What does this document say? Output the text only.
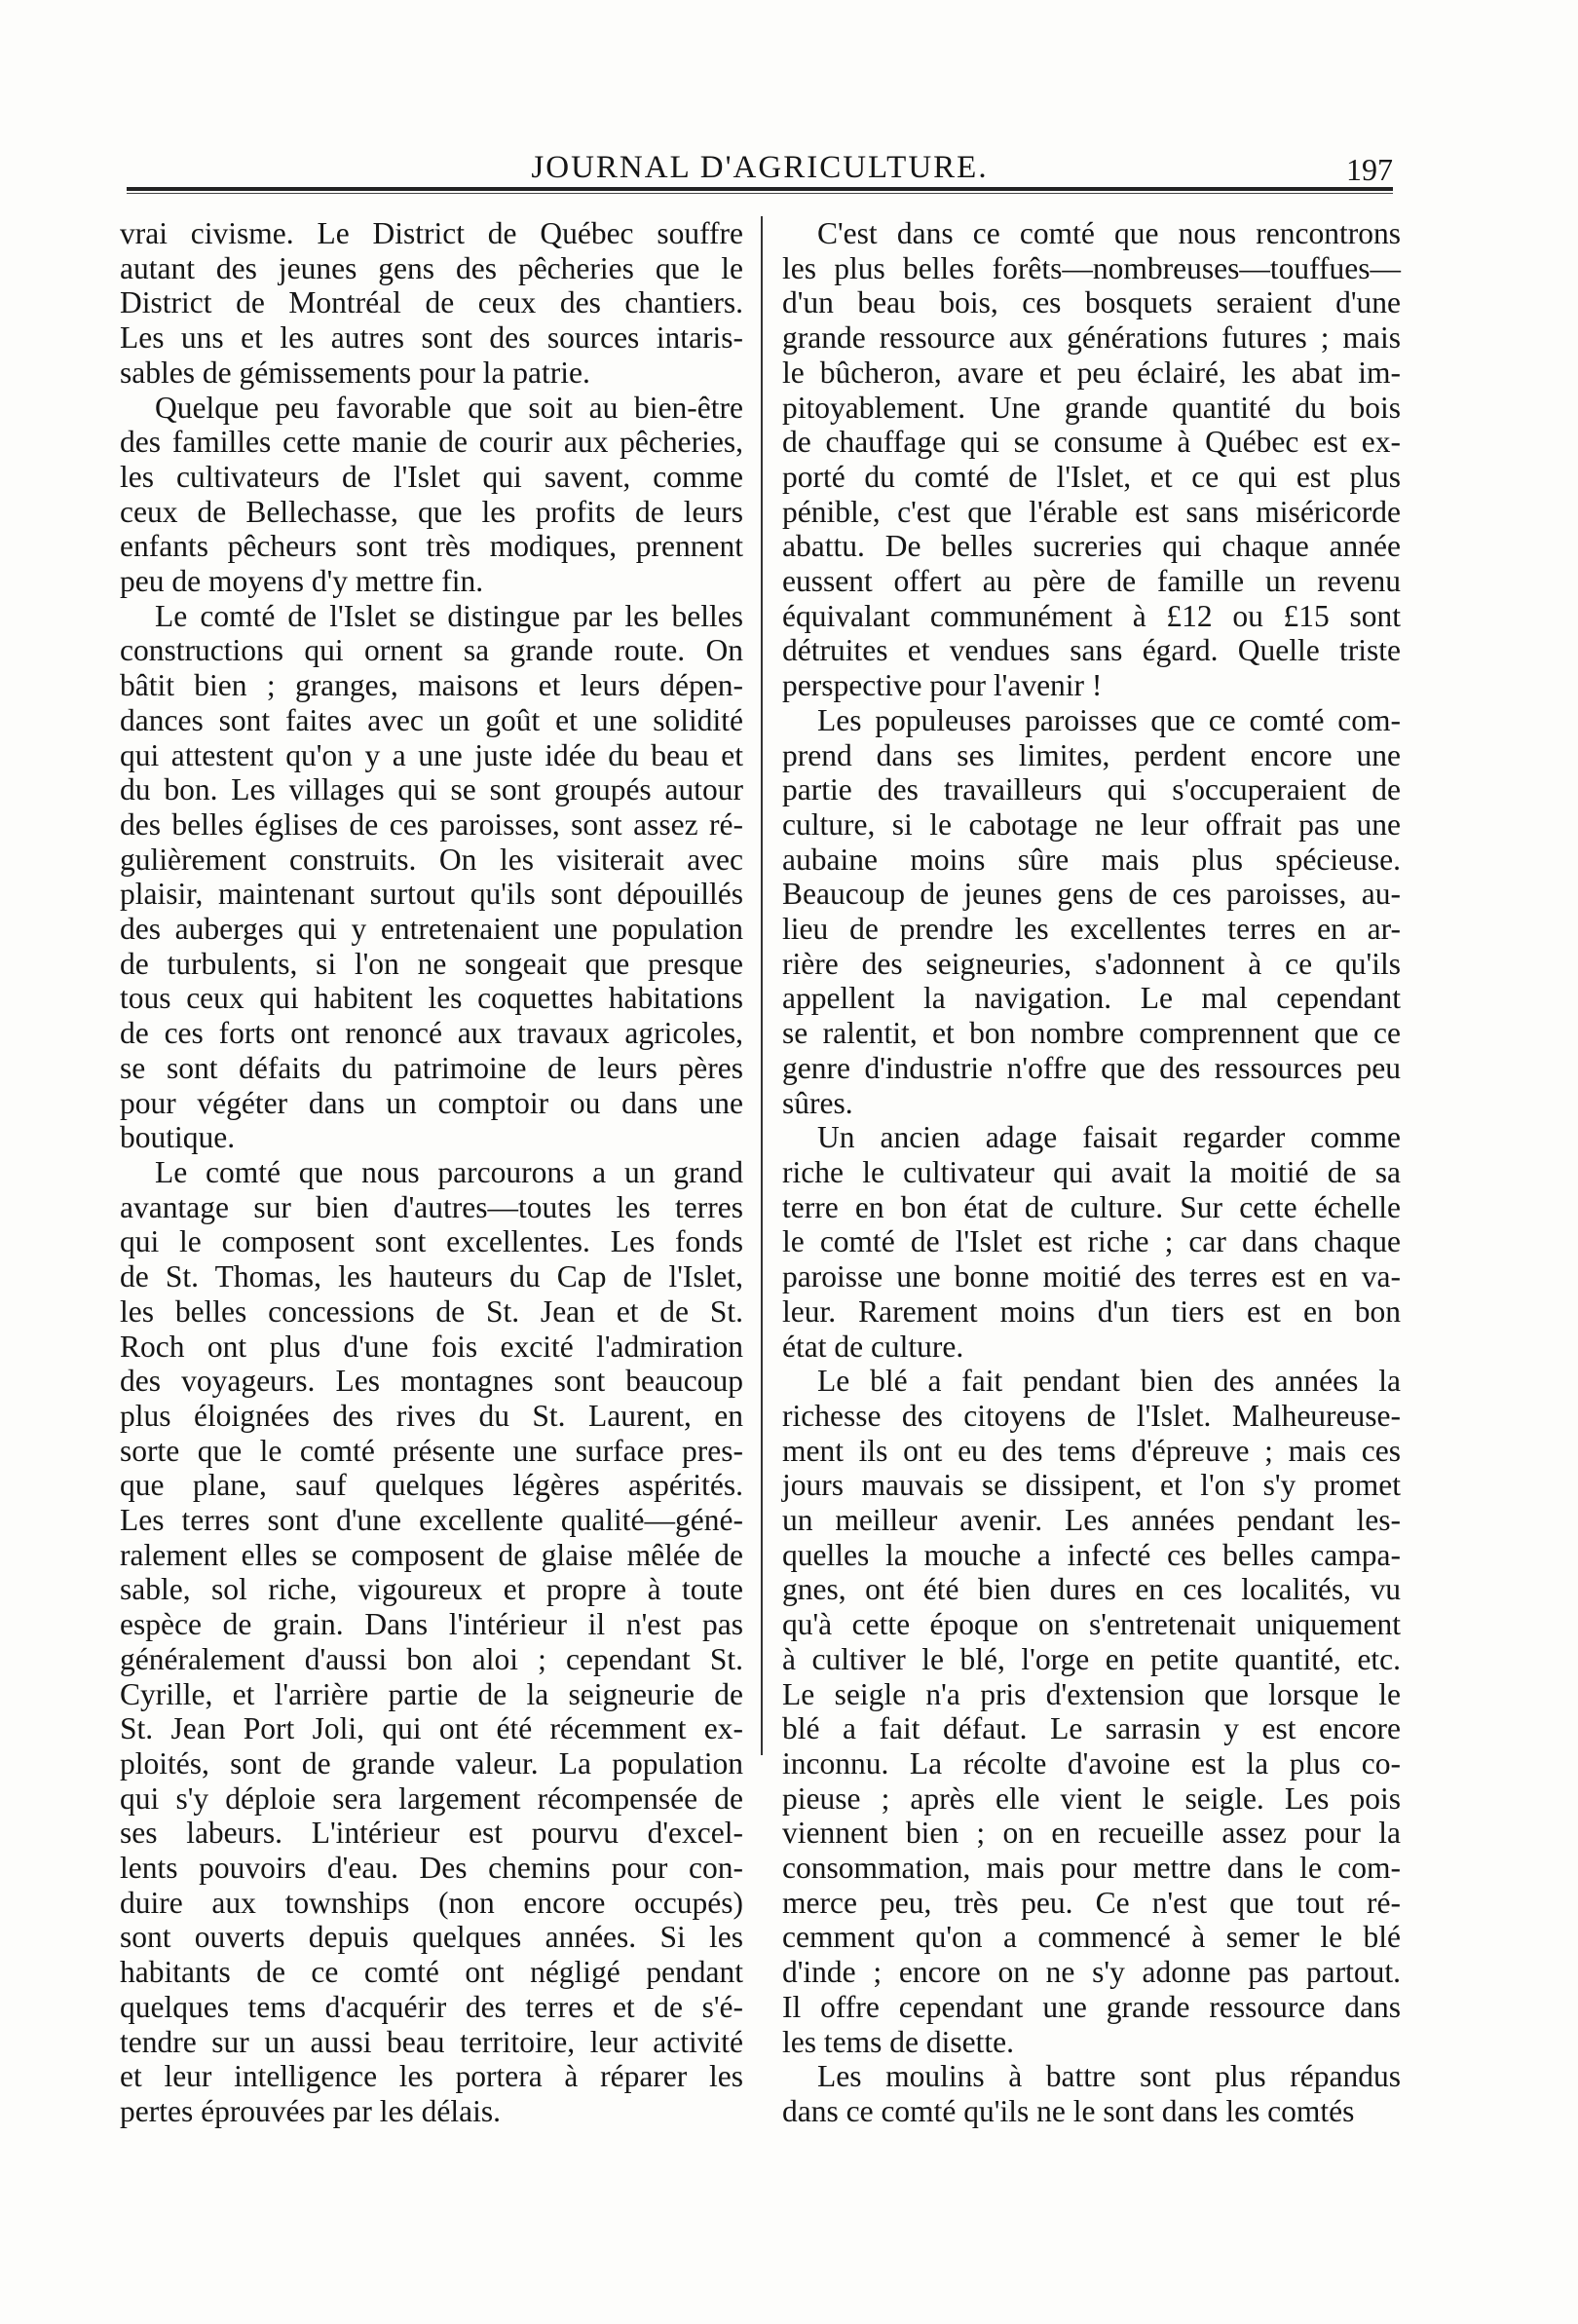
JOURNAL D'AGRICULTURE.	197

vrai civisme. Le District de Québec souffre
autant des jeunes gens des pêcheries que le
District de Montréal de ceux des chantiers.
Les uns et les autres sont des sources intaris-
sables de gémissements pour la patrie.

Quelque peu favorable que soit au bien-être
des familles cette manie de courir aux pêcheries,
les cultivateurs de l'Islet qui savent, comme
ceux de Bellechasse, que les profits de leurs
enfants pêcheurs sont très modiques, prennent
peu de moyens d'y mettre fin.

Le comté de l'Islet se distingue par les belles
constructions qui ornent sa grande route. On
bâtit bien ; granges, maisons et leurs dépen-
dances sont faites avec un goût et une solidité
qui attestent qu'on y a une juste idée du beau et
du bon. Les villages qui se sont groupés autour
des belles églises de ces paroisses, sont assez ré-
gulièrement construits. On les visiterait avec
plaisir, maintenant surtout qu'ils sont dépouillés
des auberges qui y entretenaient une population
de turbulents, si l'on ne songeait que presque
tous ceux qui habitent les coquettes habitations
de ces forts ont renoncé aux travaux agricoles,
se sont défaits du patrimoine de leurs pères
pour végéter dans un comptoir ou dans une
boutique.

Le comté que nous parcourons a un grand
avantage sur bien d'autres—toutes les terres
qui le composent sont excellentes. Les fonds
de St. Thomas, les hauteurs du Cap de l'Islet,
les belles concessions de St. Jean et de St.
Roch ont plus d'une fois excité l'admiration
des voyageurs. Les montagnes sont beaucoup
plus éloignées des rives du St. Laurent, en
sorte que le comté présente une surface pres-
que plane, sauf quelques légères aspérités.
Les terres sont d'une excellente qualité—géné-
ralement elles se composent de glaise mêlée de
sable, sol riche, vigoureux et propre à toute
espèce de grain. Dans l'intérieur il n'est pas
généralement d'aussi bon aloi ; cependant St.
Cyrille, et l'arrière partie de la seigneurie de
St. Jean Port Joli, qui ont été récemment ex-
ploités, sont de grande valeur. La population
qui s'y déploie sera largement récompensée de
ses labeurs. L'intérieur est pourvu d'excel-
lents pouvoirs d'eau. Des chemins pour con-
duire aux townships (non encore occupés)
sont ouverts depuis quelques années. Si les
habitants de ce comté ont négligé pendant
quelques tems d'acquérir des terres et de s'é-
tendre sur un aussi beau territoire, leur activité
et leur intelligence les portera à réparer les
pertes éprouvées par les délais.

C'est dans ce comté que nous rencontrons
les plus belles forêts—nombreuses—touffues—
d'un beau bois, ces bosquets seraient d'une
grande ressource aux générations futures ; mais
le bûcheron, avare et peu éclairé, les abat im-
pitoyablement. Une grande quantité du bois
de chauffage qui se consume à Québec est ex-
porté du comté de l'Islet, et ce qui est plus
pénible, c'est que l'érable est sans miséricorde
abattu. De belles sucreries qui chaque année
eussent offert au père de famille un revenu
équivalant communément à £12 ou £15 sont
détruites et vendues sans égard. Quelle triste
perspective pour l'avenir !

Les populeuses paroisses que ce comté com-
prend dans ses limites, perdent encore une
partie des travailleurs qui s'occuperaient de
culture, si le cabotage ne leur offrait pas une
aubaine moins sûre mais plus spécieuse.
Beaucoup de jeunes gens de ces paroisses, au-
lieu de prendre les excellentes terres en ar-
rière des seigneuries, s'adonnent à ce qu'ils
appellent la navigation. Le mal cependant
se ralentit, et bon nombre comprennent que ce
genre d'industrie n'offre que des ressources peu
sûres.

Un ancien adage faisait regarder comme
riche le cultivateur qui avait la moitié de sa
terre en bon état de culture. Sur cette échelle
le comté de l'Islet est riche ; car dans chaque
paroisse une bonne moitié des terres est en va-
leur. Rarement moins d'un tiers est en bon
état de culture.

Le blé a fait pendant bien des années la
richesse des citoyens de l'Islet. Malheureuse-
ment ils ont eu des tems d'épreuve ; mais ces
jours mauvais se dissipent, et l'on s'y promet
un meilleur avenir. Les années pendant les-
quelles la mouche a infecté ces belles campa-
gnes, ont été bien dures en ces localités, vu
qu'à cette époque on s'entretenait uniquement
à cultiver le blé, l'orge en petite quantité, etc.
Le seigle n'a pris d'extension que lorsque le
blé a fait défaut. Le sarrasin y est encore
inconnu. La récolte d'avoine est la plus co-
pieuse ; après elle vient le seigle. Les pois
viennent bien ; on en recueille assez pour la
consommation, mais pour mettre dans le com-
merce peu, très peu. Ce n'est que tout ré-
cemment qu'on a commencé à semer le blé
d'inde ; encore on ne s'y adonne pas partout.
Il offre cependant une grande ressource dans
les tems de disette.

Les moulins à battre sont plus répandus
dans ce comté qu'ils ne le sont dans les comtés
